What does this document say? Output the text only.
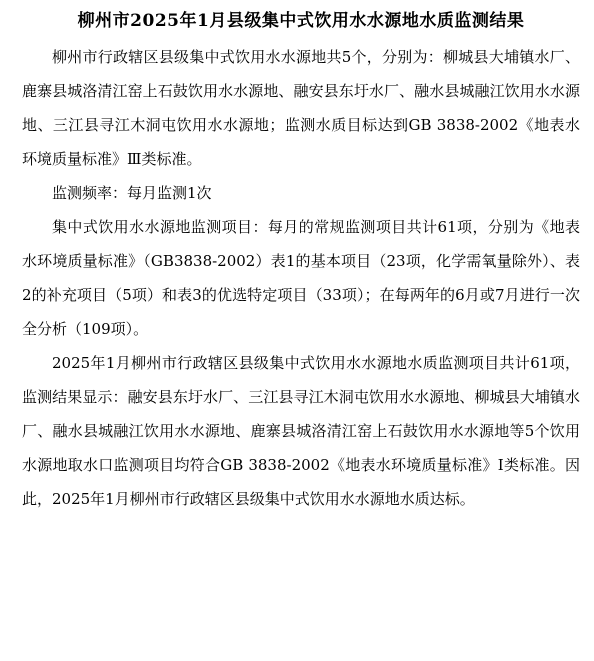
柳州市2025年1月县级集中式饮用水水源地水质监测结果

柳州市行政辖区县级集中式饮用水水源地共5个，分别为：柳城县大埔镇水厂、鹿寨县城洛清江窑上石鼓饮用水水源地、融安县东圩水厂、融水县城融江饮用水水源地、三江县寻江木洞屯饮用水水源地；监测水质目标达到GB 3838-2002《地表水环境质量标准》Ⅲ类标准。

监测频率：每月监测1次

集中式饮用水水源地监测项目：每月的常规监测项目共计61项，分别为《地表水环境质量标准》（GB3838-2002）表1的基本项目（23项，化学需氧量除外）、表2的补充项目（5项）和表3的优选特定项目（33项）；在每两年的6月或7月进行一次全分析（109项）。

2025年1月柳州市行政辖区县级集中式饮用水水源地水质监测项目共计61项，监测结果显示：融安县东圩水厂、三江县寻江木洞屯饮用水水源地、柳城县大埔镇水厂、融水县城融江饮用水水源地、鹿寨县城洛清江窑上石鼓饮用水水源地等5个饮用水源地取水口监测项目均符合GB 3838-2002《地表水环境质量标准》Ⅰ类标准。因此，2025年1月柳州市行政辖区县级集中式饮用水水源地水质达标。
